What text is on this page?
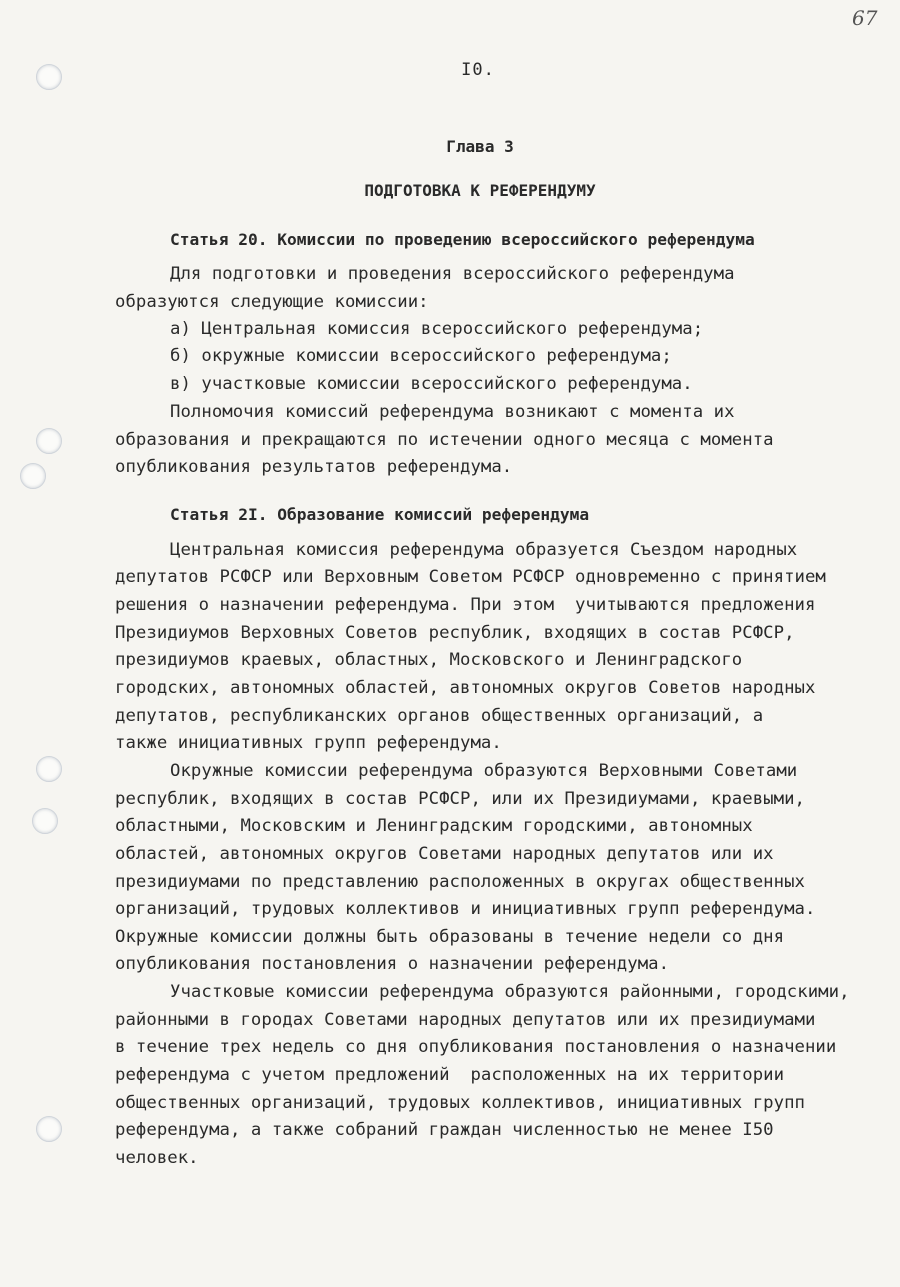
67
I0.
Глава 3
ПОДГОТОВКА К РЕФЕРЕНДУМУ
Статья 20. Комиссии по проведению всероссийского референдума
Для подготовки и проведения всероссийского референдума
образуются следующие комиссии:
а) Центральная комиссия всероссийского референдума;
б) окружные комиссии всероссийского референдума;
в) участковые комиссии всероссийского референдума.
Полномочия комиссий референдума возникают с момента их
образования и прекращаются по истечении одного месяца с момента
опубликования результатов референдума.
Статья 2I. Образование комиссий референдума
Центральная комиссия референдума образуется Съездом народных
депутатов РСФСР или Верховным Советом РСФСР одновременно с принятием
решения о назначении референдума. При этом  учитываются предложения
Президиумов Верховных Советов республик, входящих в состав РСФСР,
президиумов краевых, областных, Московского и Ленинградского
городских, автономных областей, автономных округов Советов народных
депутатов, республиканских органов общественных организаций, а
также инициативных групп референдума.
Окружные комиссии референдума образуются Верховными Советами
республик, входящих в состав РСФСР, или их Президиумами, краевыми,
областными, Московским и Ленинградским городскими, автономных
областей, автономных округов Советами народных депутатов или их
президиумами по представлению расположенных в округах общественных
организаций, трудовых коллективов и инициативных групп референдума.
Окружные комиссии должны быть образованы в течение недели со дня
опубликования постановления о назначении референдума.
Участковые комиссии референдума образуются районными, городскими,
районными в городах Советами народных депутатов или их президиумами
в течение трех недель со дня опубликования постановления о назначении
референдума с учетом предложений  расположенных на их территории
общественных организаций, трудовых коллективов, инициативных групп
референдума, а также собраний граждан численностью не менее I50
человек.
